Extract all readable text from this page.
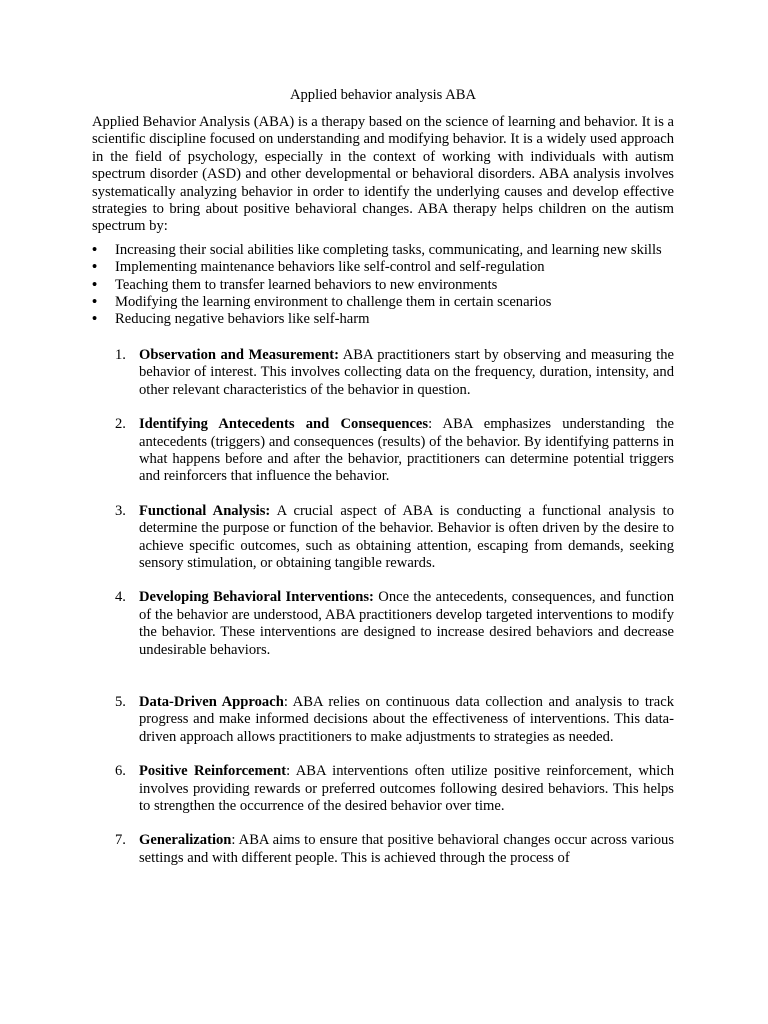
Applied behavior analysis ABA

Applied Behavior Analysis (ABA) is a therapy based on the science of learning and behavior. It is a scientific discipline focused on understanding and modifying behavior. It is a widely used approach in the field of psychology, especially in the context of working with individuals with autism spectrum disorder (ASD) and other developmental or behavioral disorders. ABA analysis involves systematically analyzing behavior in order to identify the underlying causes and develop effective strategies to bring about positive behavioral changes. ABA therapy helps children on the autism spectrum by:

• Increasing their social abilities like completing tasks, communicating, and learning new skills
• Implementing maintenance behaviors like self-control and self-regulation
• Teaching them to transfer learned behaviors to new environments
• Modifying the learning environment to challenge them in certain scenarios
• Reducing negative behaviors like self-harm
1. Observation and Measurement: ABA practitioners start by observing and measuring the behavior of interest. This involves collecting data on the frequency, duration, intensity, and other relevant characteristics of the behavior in question.
2. Identifying Antecedents and Consequences: ABA emphasizes understanding the antecedents (triggers) and consequences (results) of the behavior. By identifying patterns in what happens before and after the behavior, practitioners can determine potential triggers and reinforcers that influence the behavior.
3. Functional Analysis: A crucial aspect of ABA is conducting a functional analysis to determine the purpose or function of the behavior. Behavior is often driven by the desire to achieve specific outcomes, such as obtaining attention, escaping from demands, seeking sensory stimulation, or obtaining tangible rewards.
4. Developing Behavioral Interventions: Once the antecedents, consequences, and function of the behavior are understood, ABA practitioners develop targeted interventions to modify the behavior. These interventions are designed to increase desired behaviors and decrease undesirable behaviors.
5. Data-Driven Approach: ABA relies on continuous data collection and analysis to track progress and make informed decisions about the effectiveness of interventions. This data-driven approach allows practitioners to make adjustments to strategies as needed.
6. Positive Reinforcement: ABA interventions often utilize positive reinforcement, which involves providing rewards or preferred outcomes following desired behaviors. This helps to strengthen the occurrence of the desired behavior over time.
7. Generalization: ABA aims to ensure that positive behavioral changes occur across various settings and with different people. This is achieved through the process of
